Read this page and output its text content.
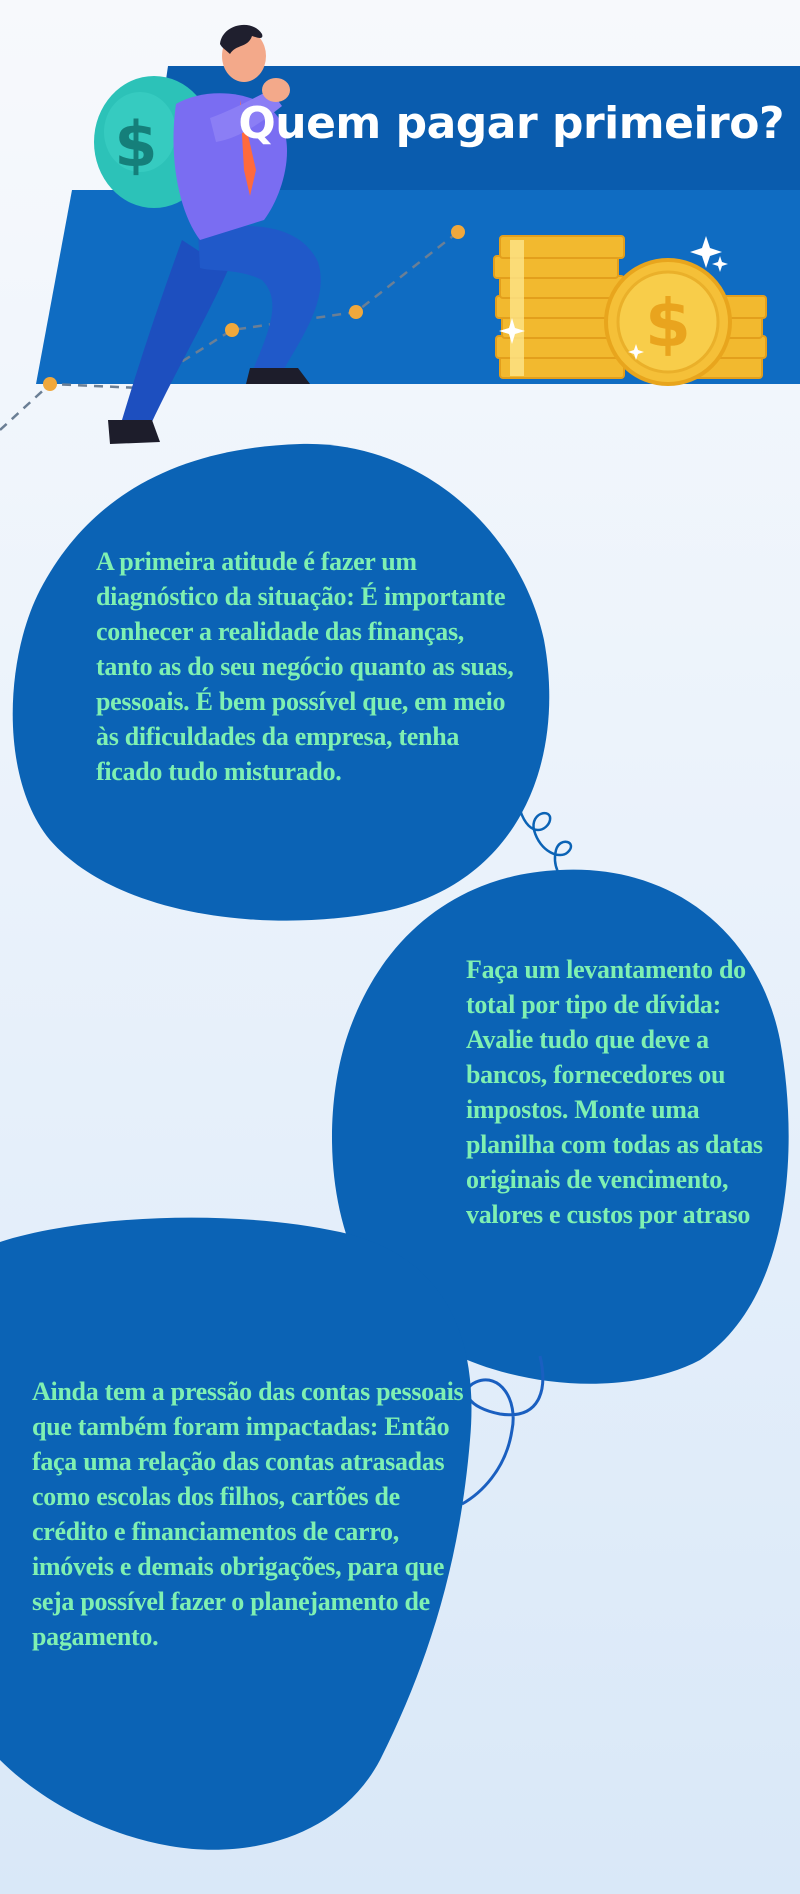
$
$ Quem pagar primeiro?
A primeira atitude é fazer um diagnóstico da situação: É importante conhecer a realidade das finanças, tanto as do seu negócio quanto as suas, pessoais. É bem possível que, em meio às dificuldades da empresa, tenha ficado tudo misturado.
Faça um levantamento do total por tipo de dívida: Avalie tudo que deve a bancos, fornecedores ou impostos. Monte uma planilha com todas as datas originais de vencimento, valores e custos por atraso
Ainda tem a pressão das contas pessoais que também foram impactadas: Então faça uma relação das contas atrasadas como escolas dos filhos, cartões de crédito e financiamentos de carro, imóveis e demais obrigações, para que seja possível fazer o planejamento de pagamento.
